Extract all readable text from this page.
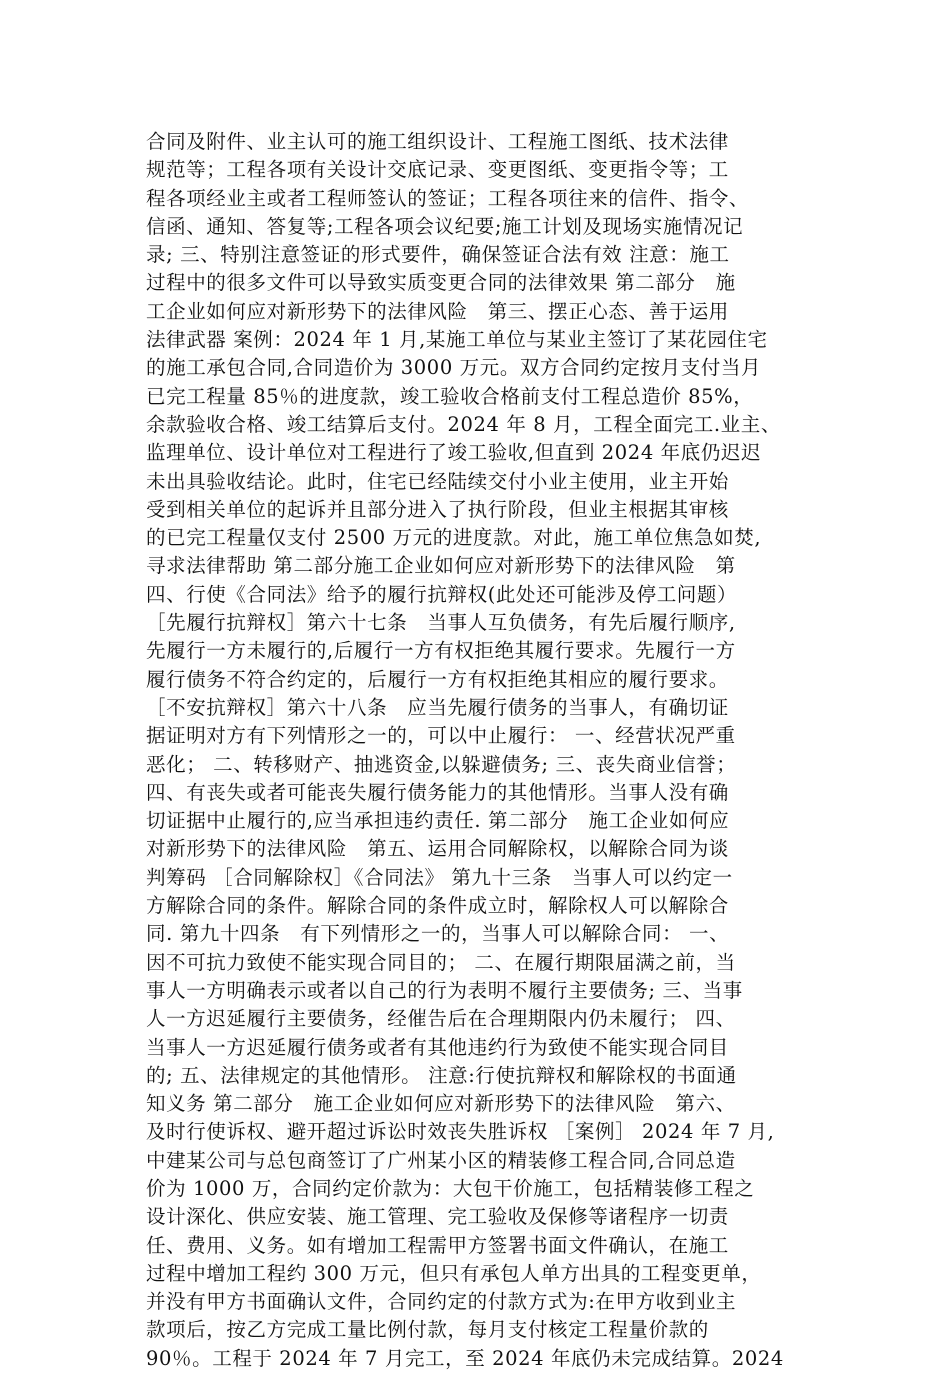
合同及附件、业主认可的施工组织设计、工程施工图纸、技术法律
规范等；工程各项有关设计交底记录、变更图纸、变更指令等；工
程各项经业主或者工程师签认的签证；工程各项往来的信件、指令、
信函、通知、答复等;工程各项会议纪要;施工计划及现场实施情况记
录; 三、特别注意签证的形式要件，确保签证合法有效 注意：施工
过程中的很多文件可以导致实质变更合同的法律效果 第二部分　施
工企业如何应对新形势下的法律风险　第三、摆正心态、善于运用
法律武器 案例：2024 年 1 月,某施工单位与某业主签订了某花园住宅
的施工承包合同,合同造价为 3000 万元。双方合同约定按月支付当月
已完工程量 85％的进度款，竣工验收合格前支付工程总造价 85%，
余款验收合格、竣工结算后支付。2024 年 8 月，工程全面完工.业主、
监理单位、设计单位对工程进行了竣工验收,但直到 2024 年底仍迟迟
未出具验收结论。此时，住宅已经陆续交付小业主使用，业主开始
受到相关单位的起诉并且部分进入了执行阶段，但业主根据其审核
的已完工程量仅支付 2500 万元的进度款。对此，施工单位焦急如焚,
寻求法律帮助 第二部分施工企业如何应对新形势下的法律风险　第
四、行使《合同法》给予的履行抗辩权(此处还可能涉及停工问题）
［先履行抗辩权］第六十七条　当事人互负债务，有先后履行顺序,
先履行一方未履行的,后履行一方有权拒绝其履行要求。先履行一方
履行债务不符合约定的，后履行一方有权拒绝其相应的履行要求。
［不安抗辩权］第六十八条　应当先履行债务的当事人，有确切证
据证明对方有下列情形之一的，可以中止履行： 一、经营状况严重
恶化； 二、转移财产、抽逃资金,以躲避债务; 三、丧失商业信誉；
四、有丧失或者可能丧失履行债务能力的其他情形。当事人没有确
切证据中止履行的,应当承担违约责任. 第二部分　施工企业如何应
对新形势下的法律风险　第五、运用合同解除权，以解除合同为谈
判筹码 ［合同解除权］《合同法》 第九十三条　当事人可以约定一
方解除合同的条件。解除合同的条件成立时，解除权人可以解除合
同. 第九十四条　有下列情形之一的，当事人可以解除合同： 一、
因不可抗力致使不能实现合同目的； 二、在履行期限届满之前，当
事人一方明确表示或者以自己的行为表明不履行主要债务; 三、当事
人一方迟延履行主要债务，经催告后在合理期限内仍未履行； 四、
当事人一方迟延履行债务或者有其他违约行为致使不能实现合同目
的; 五、法律规定的其他情形。 注意:行使抗辩权和解除权的书面通
知义务 第二部分　施工企业如何应对新形势下的法律风险　第六、
及时行使诉权、避开超过诉讼时效丧失胜诉权 ［案例］ 2024 年 7 月,
中建某公司与总包商签订了广州某小区的精装修工程合同,合同总造
价为 1000 万，合同约定价款为：大包干价施工，包括精装修工程之
设计深化、供应安装、施工管理、完工验收及保修等诸程序一切责
任、费用、义务。如有增加工程需甲方签署书面文件确认，在施工
过程中增加工程约 300 万元，但只有承包人单方出具的工程变更单，
并没有甲方书面确认文件，合同约定的付款方式为:在甲方收到业主
款项后，按乙方完成工量比例付款，每月支付核定工程量价款的
90％。工程于 2024 年 7 月完工，至 2024 年底仍未完成结算。2024
